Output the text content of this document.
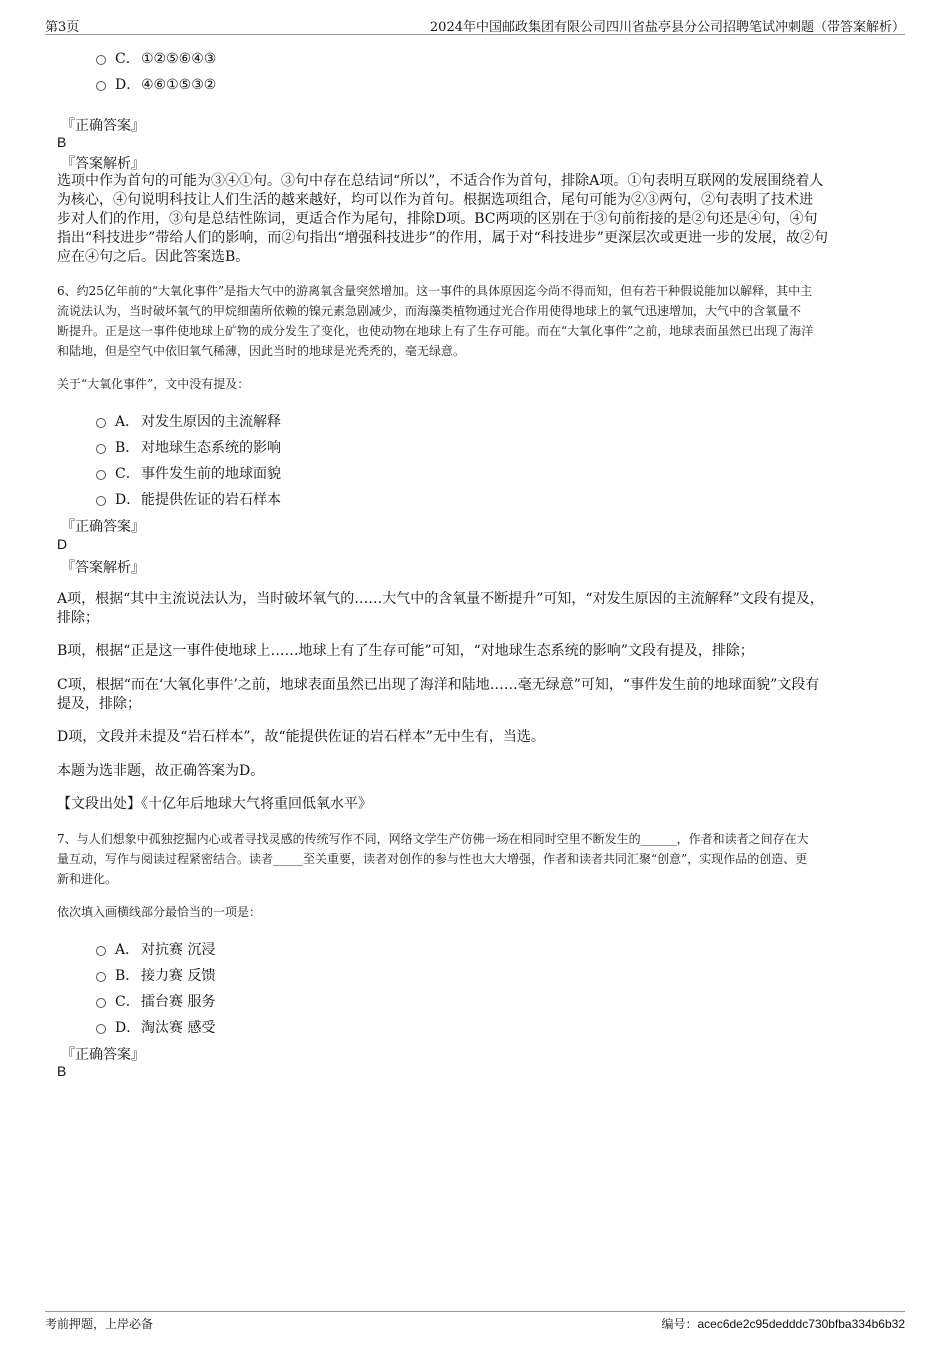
第3页	2024年中国邮政集团有限公司四川省盐亭县分公司招聘笔试冲刺题（带答案解析）
C．①②⑤⑥④③
D．④⑥①⑤③②
『正确答案』
B
『答案解析』
选项中作为首句的可能为③④①句。③句中存在总结词“所以”，不适合作为首句，排除A项。①句表明互联网的发展围绕着人
为核心，④句说明科技让人们生活的越来越好，均可以作为首句。根据选项组合，尾句可能为②③两句，②句表明了技术进
步对人们的作用，③句是总结性陈词，更适合作为尾句，排除D项。BC两项的区别在于③句前衔接的是②句还是④句，④句
指出“科技进步”带给人们的影响，而②句指出“增强科技进步”的作用，属于对“科技进步”更深层次或更进一步的发展，故②句
应在④句之后。因此答案选B。
6、约25亿年前的“大氧化事件”是指大气中的游离氧含量突然增加。这一事件的具体原因迄今尚不得而知，但有若干种假说能加以解释，其中主
流说法认为，当时破坏氧气的甲烷细菌所依赖的镍元素急剧减少，而海藻类植物通过光合作用使得地球上的氧气迅速增加，大气中的含氧量不
断提升。正是这一事件使地球上矿物的成分发生了变化，也使动物在地球上有了生存可能。而在“大氧化事件”之前，地球表面虽然已出现了海洋
和陆地，但是空气中依旧氧气稀薄，因此当时的地球是光秃秃的，毫无绿意。
关于“大氧化事件”，文中没有提及：
A． 对发生原因的主流解释
B． 对地球生态系统的影响
C．事件发生前的地球面貌
D．能提供佐证的岩石样本
『正确答案』
D
『答案解析』
A项，根据“其中主流说法认为，当时破坏氧气的……大气中的含氧量不断提升”可知，“对发生原因的主流解释”文段有提及，
排除；
B项，根据“正是这一事件使地球上……地球上有了生存可能”可知，“对地球生态系统的影响”文段有提及，排除；
C项，根据“而在‘大氧化事件’之前，地球表面虽然已出现了海洋和陆地……毫无绿意”可知，“事件发生前的地球面貌”文段有
提及，排除；
D项，文段并未提及“岩石样本”，故“能提供佐证的岩石样本”无中生有，当选。
本题为选非题，故正确答案为D。
【文段出处】《十亿年后地球大气将重回低氧水平》
7、与人们想象中孤独挖掘内心或者寻找灵感的传统写作不同，网络文学生产仿佛一场在相同时空里不断发生的______，作者和读者之间存在大
量互动，写作与阅读过程紧密结合。读者_____至关重要，读者对创作的参与性也大大增强，作者和读者共同汇聚“创意”，实现作品的创造、更
新和进化。
依次填入画横线部分最恰当的一项是：
A． 对抗赛 沉浸
B． 接力赛 反馈
C．擂台赛 服务
D．淘汰赛 感受
『正确答案』
B
考前押题，上岸必备	编号：acec6de2c95dedddc730bfba334b6b32
